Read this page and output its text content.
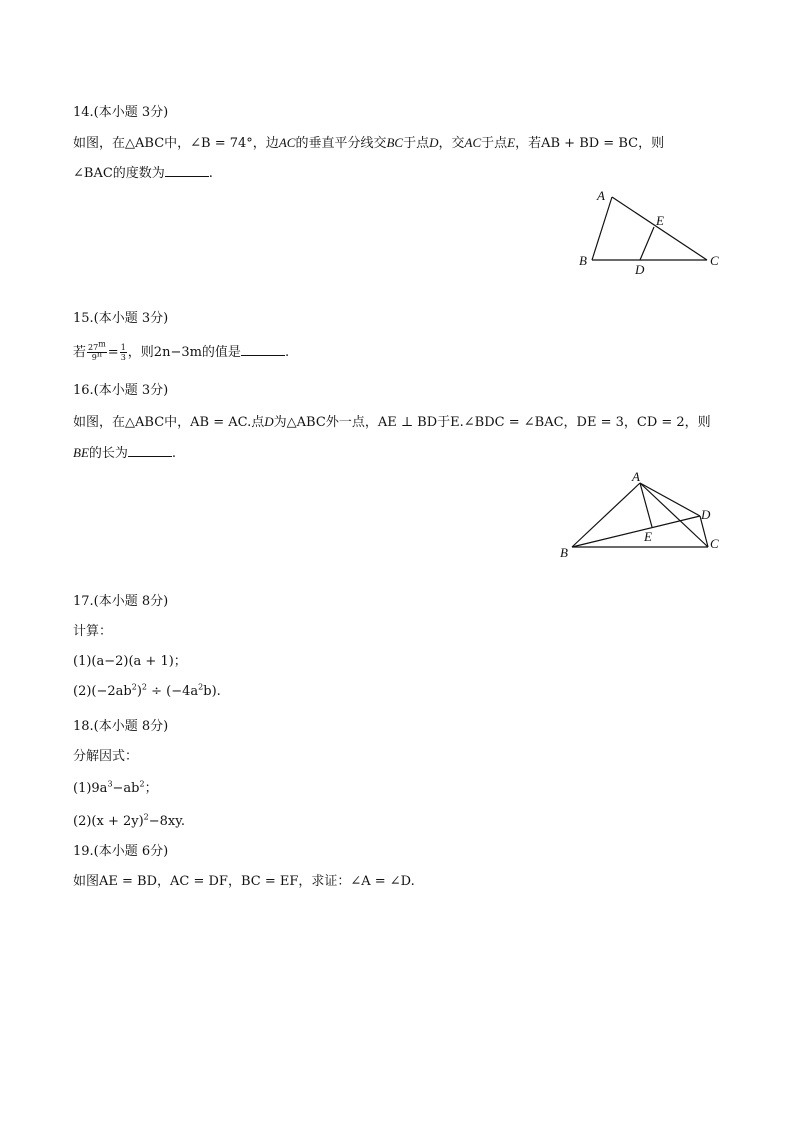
14.(本小题 3分)
如图，在△ABC中，∠B = 74°，边AC的垂直平分线交BC于点D，交AC于点E，若AB + BD = BC，则
∠BAC的度数为	.
A
B	C
D
E
15.(本小题 3分)
若 $\frac{27^m}{9^n} = \frac{1}{3}$ ，则2n−3m的值是	.
16.(本小题 3分)
如图，在△ABC中，AB = AC.点D为△ABC外一点，AE ⊥ BD于E.∠BDC = ∠BAC，DE = 3，CD = 2，则
BE的长为	.
A
B
C
D
E
17.(本小题 8分)
计算：
(1)(a−2)(a + 1)；
$(2)(-2ab^2)^2 \div (-4a^2b)$.
18.(本小题 8分)
分解因式：
$(1)9a^3-ab^2$；
$(2)(x + 2y)^2-8xy$.
19.(本小题 6分)
如图AE = BD，AC = DF，BC = EF，求证：∠A = ∠D.
